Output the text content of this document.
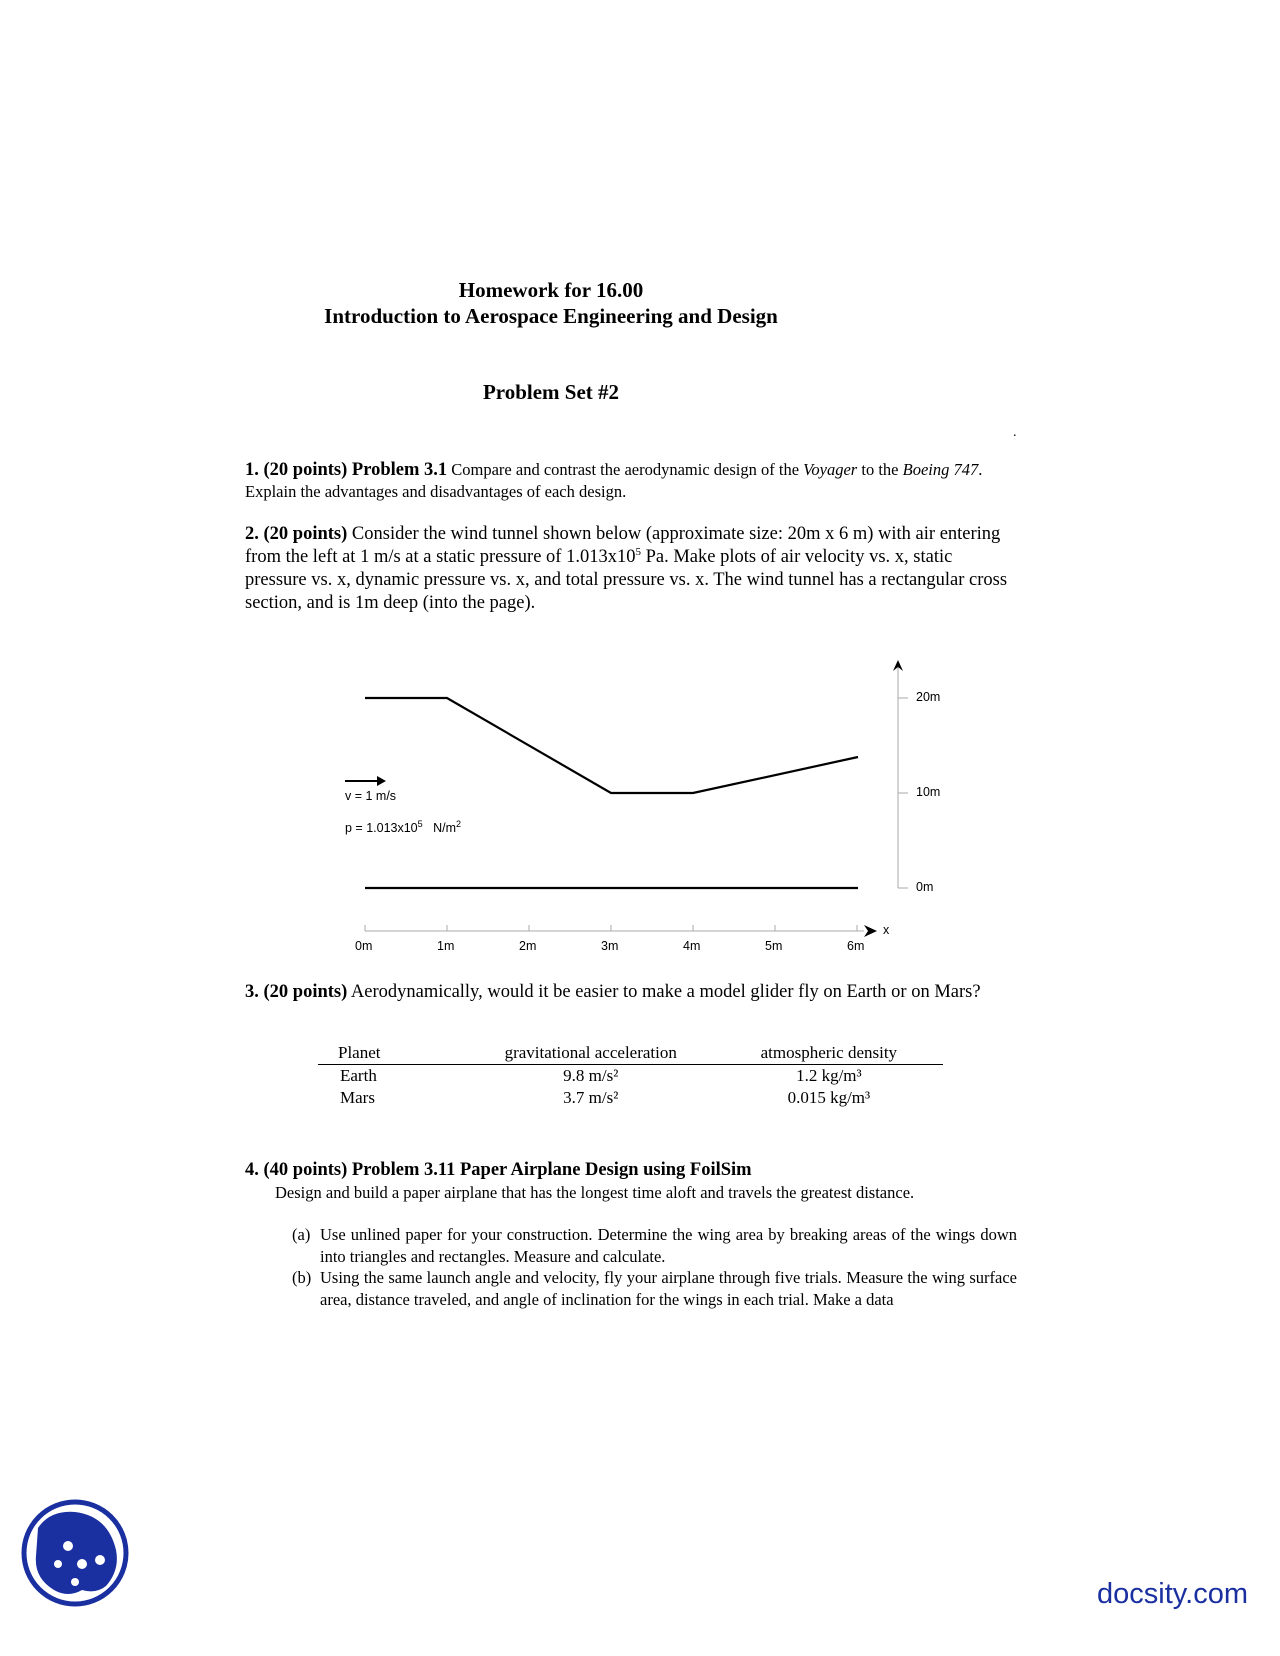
Homework for 16.00
Introduction to Aerospace Engineering and Design
Problem Set #2
.
1. (20 points) Problem 3.1 Compare and contrast the aerodynamic design of the Voyager to the Boeing 747. Explain the advantages and disadvantages of each design.
2. (20 points) Consider the wind tunnel shown below (approximate size: 20m x 6 m) with air entering from the left at 1 m/s at a static pressure of $1.013x10^5$ Pa. Make plots of air velocity vs. x, static pressure vs. x, dynamic pressure vs. x, and total pressure vs. x. The wind tunnel has a rectangular cross section, and is 1m deep (into the page).
v = 1 m/s
$p = 1.013x10^5$ $N/m^2$
0m	1m	2m	3m	4m	5m	6m
x
20m
10m
0m
3. (20 points) Aerodynamically, would it be easier to make a model glider fly on Earth or on Mars?
Planet	gravitational acceleration	atmospheric density
Earth	9.8 m/s²	1.2 kg/m³
Mars	3.7 m/s²	0.015 kg/m³
4. (40 points) Problem 3.11 Paper Airplane Design using FoilSim
Design and build a paper airplane that has the longest time aloft and travels the greatest distance.
(a) Use unlined paper for your construction. Determine the wing area by breaking areas of the wings down into triangles and rectangles. Measure and calculate.
(b) Using the same launch angle and velocity, fly your airplane through five trials. Measure the wing surface area, distance traveled, and angle of inclination for the wings in each trial. Make a data
docsity.com
